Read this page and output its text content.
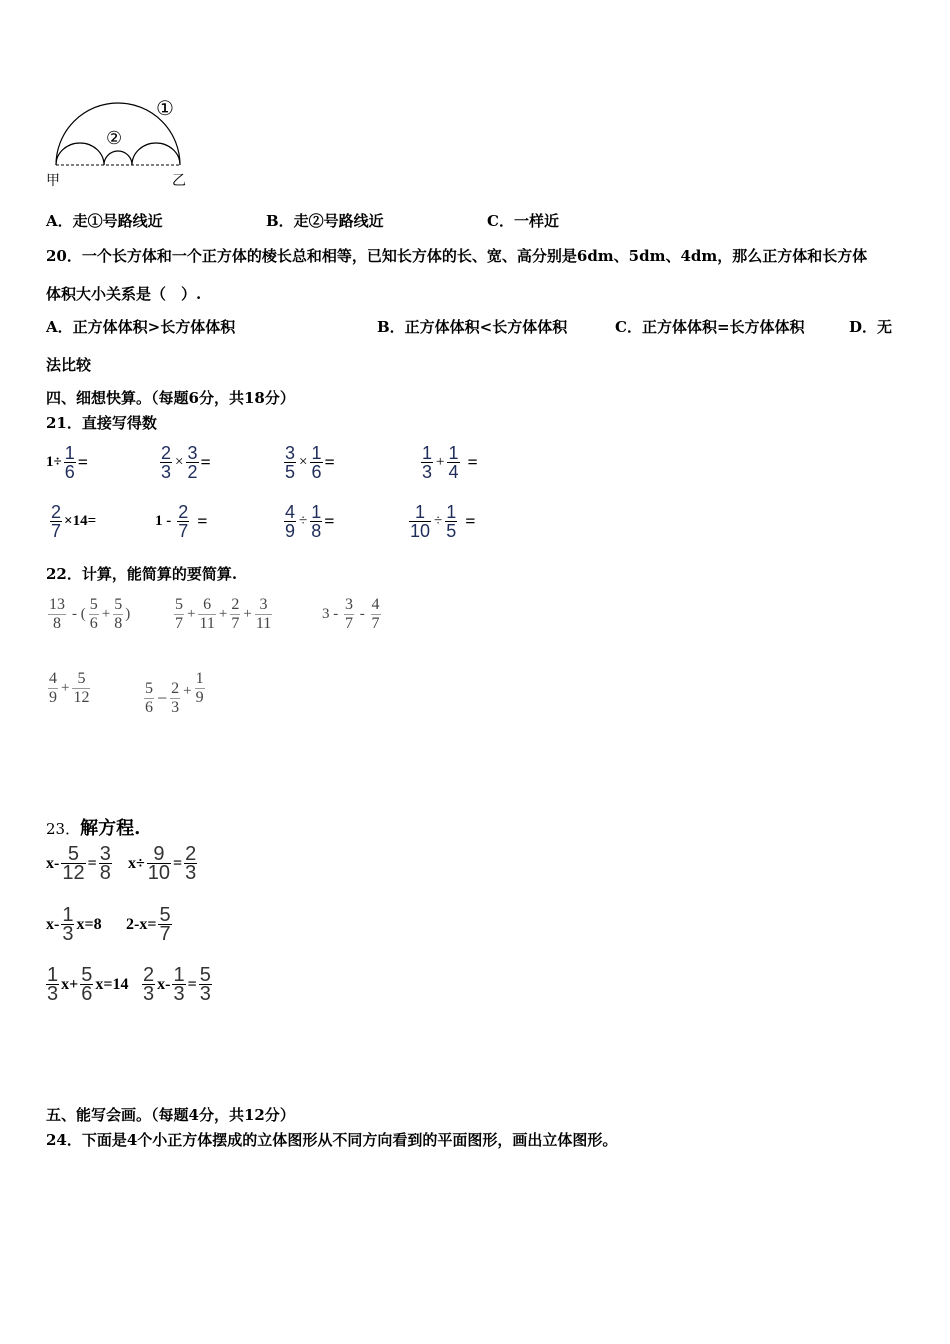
①
②
甲	乙
A．走①号路线近	B．走②号路线近	C．一样近
20．一个长方体和一个正方体的棱长总和相等，已知长方体的长、宽、高分别是6dm、5dm、4dm，那么正方体和长方体
体积大小关系是（　）.
A．正方体体积>长方体体积	B．正方体体积<长方体体积	C．正方体体积=长方体体积	D．无
法比较
四、细想快算。（每题6分，共18分）
21．直接写得数
1÷ 1
6 =	2
3 × 3
2 =	3
5 × 1
6 =	1
3 + 1
4 =
2
7 ×14=	1 - 2
7 =	4
9 ÷ 1
8 =	1
10 ÷ 1
5 =
22．计算，能简算的要简算.
13
8
- (
5
6
+
5
8
)
5
7
+
6
11
+
2
7
+
3
11
3 -
3
7
-
4
7
4
9
+
5
12
5
6 − 2
3
+
1
9
23．解方程.
x- 5
12 = 3
8 x÷ 9
10 = 2
3
x- 1
3 x=8 2-x= 5
7
1
3 x+ 5
6 x=14 2
3 x- 1
3 = 5
3
五、能写会画。（每题4分，共12分）
24．下面是4个小正方体摆成的立体图形从不同方向看到的平面图形，画出立体图形。
